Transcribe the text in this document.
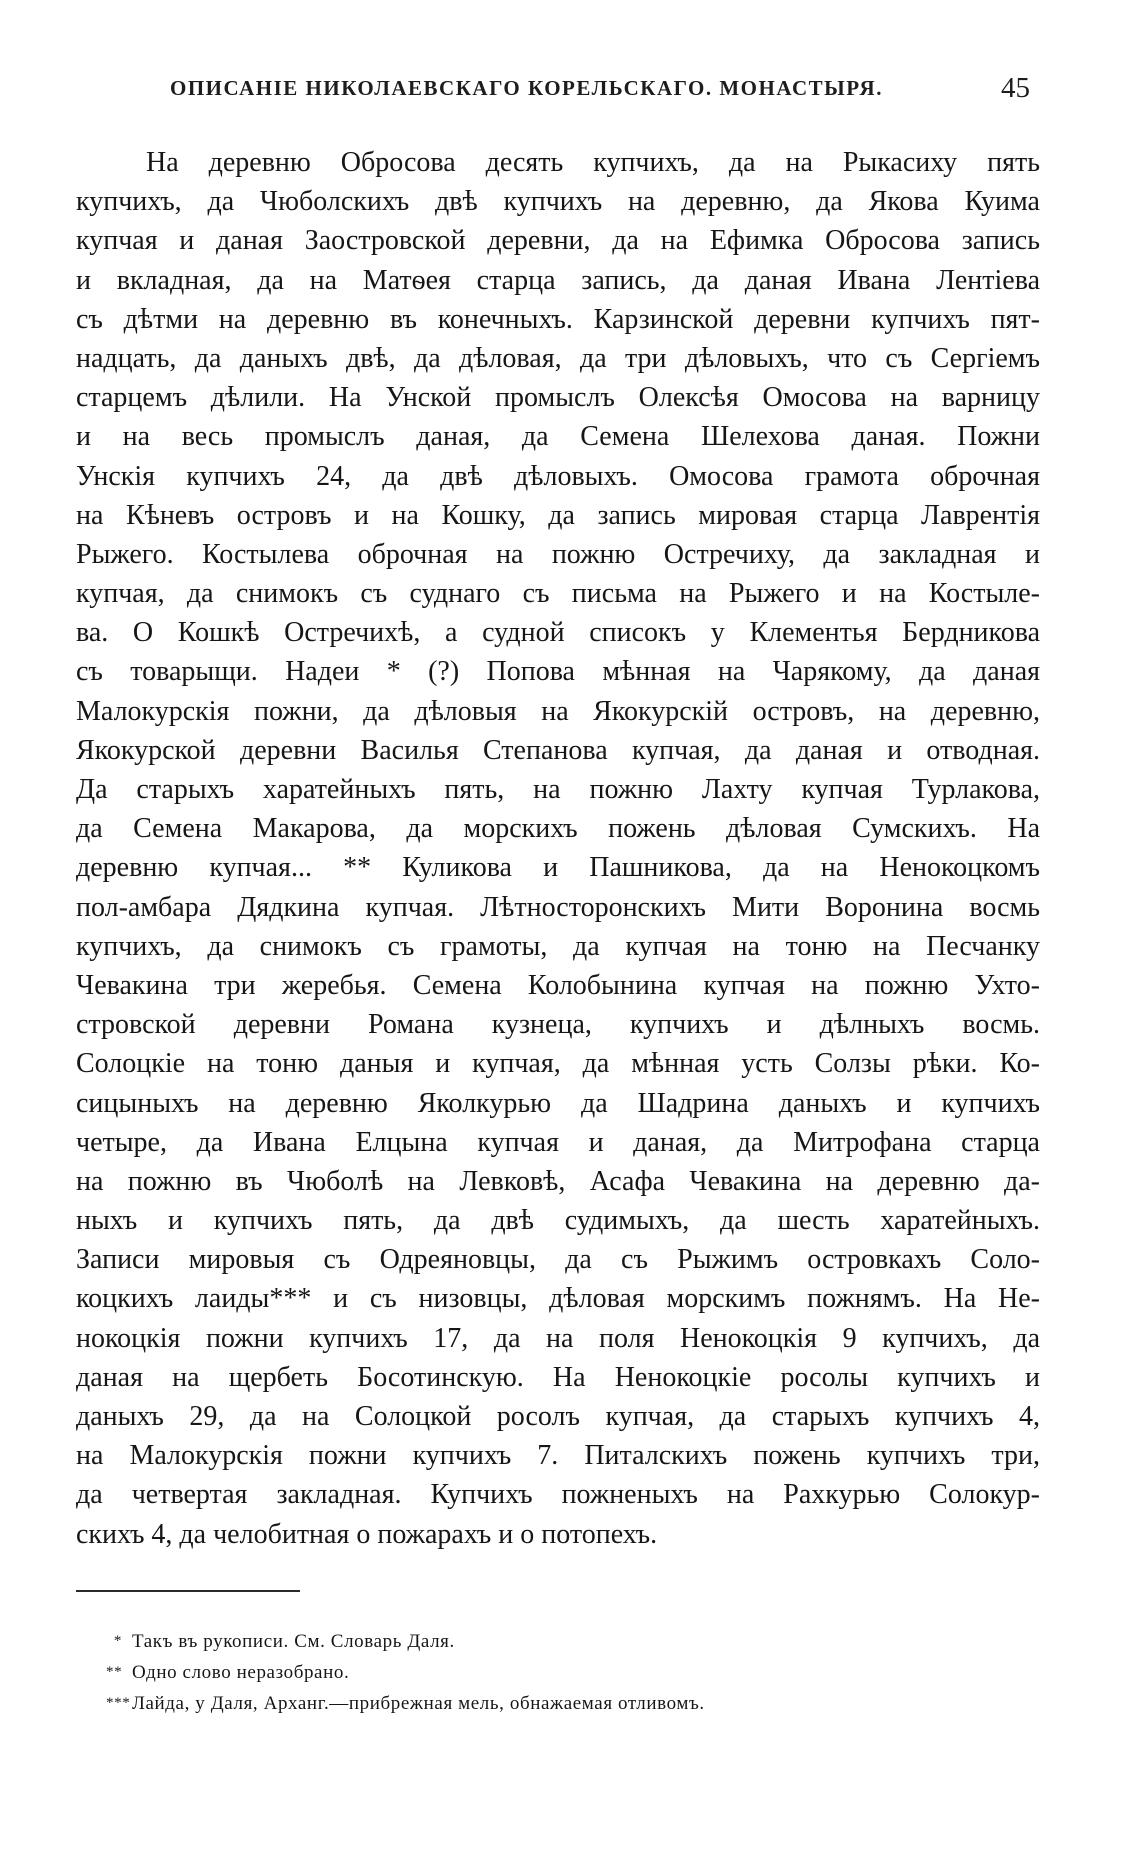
ОПИСАНІЕ НИКОЛАЕВСКАГО КОРЕЛЬСКАГО. МОНАСТЫРЯ.	45
На деревню Обросова десять купчихъ, да на Рыкасиху пять
купчихъ, да Чюболскихъ двѣ купчихъ на деревню, да Якова Куима
купчая и даная Заостровской деревни, да на Ефимка Обросова запись
и вкладная, да на Матѳея старца запись, да даная Ивана Лентіева
съ дѣтми на деревню въ конечныхъ. Карзинской деревни купчихъ пят-
надцать, да даныхъ двѣ, да дѣловая, да три дѣловыхъ, что съ Сергіемъ
старцемъ дѣлили. На Унской промыслъ Олексѣя Омосова на варницу
и на весь промыслъ даная, да Семена Шелехова даная. Пожни
Унскія купчихъ 24, да двѣ дѣловыхъ. Омосова грамота оброчная
на Кѣневъ островъ и на Кошку, да запись мировая старца Лаврентія
Рыжего. Костылева оброчная на пожню Остречиху, да закладная и
купчая, да снимокъ съ суднаго съ письма на Рыжего и на Костыле-
ва. О Кошкѣ Остречихѣ, а судной списокъ у Клементья Бердникова
съ товарыщи. Надеи * (?) Попова мѣнная на Чарякому, да даная
Малокурскія пожни, да дѣловыя на Якокурскій островъ, на деревню,
Якокурской деревни Василья Степанова купчая, да даная и отводная.
Да старыхъ харатейныхъ пять, на пожню Лахту купчая Турлакова,
да Семена Макарова, да морскихъ пожень дѣловая Сумскихъ. На
деревню купчая... ** Куликова и Пашникова, да на Ненокоцкомъ
пол-амбара Дядкина купчая. Лѣтносторонскихъ Мити Воронина восмь
купчихъ, да снимокъ съ грамоты, да купчая на тоню на Песчанку
Чевакина три жеребья. Семена Колобынина купчая на пожню Ухто-
стровской деревни Романа кузнеца, купчихъ и дѣлныхъ восмь.
Солоцкіе на тоню даныя и купчая, да мѣнная усть Солзы рѣки. Ко-
сицыныхъ на деревню Яколкурью да Шадрина даныхъ и купчихъ
четыре, да Ивана Елцына купчая и даная, да Митрофана старца
на пожню въ Чюболѣ на Левковѣ, Асафа Чевакина на деревню да-
ныхъ и купчихъ пять, да двѣ судимыхъ, да шесть харатейныхъ.
Записи мировыя съ Одреяновцы, да съ Рыжимъ островкахъ Соло-
коцкихъ лаиды*** и съ низовцы, дѣловая морскимъ пожнямъ. На Не-
нокоцкія пожни купчихъ 17, да на поля Ненокоцкія 9 купчихъ, да
даная на щербеть Босотинскую. На Ненокоцкіе росолы купчихъ и
даныхъ 29, да на Солоцкой росолъ купчая, да старыхъ купчихъ 4,
на Малокурскія пожни купчихъ 7. Питалскихъ пожень купчихъ три,
да четвертая закладная. Купчихъ пожненыхъ на Рахкурью Солокур-
скихъ 4, да челобитная о пожарахъ и о потопехъ.
* Такъ въ рукописи. См. Словарь Даля.
** Одно слово неразобрано.
***Лайда, у Даля, Арханг.—прибрежная мель, обнажаемая отливомъ.
